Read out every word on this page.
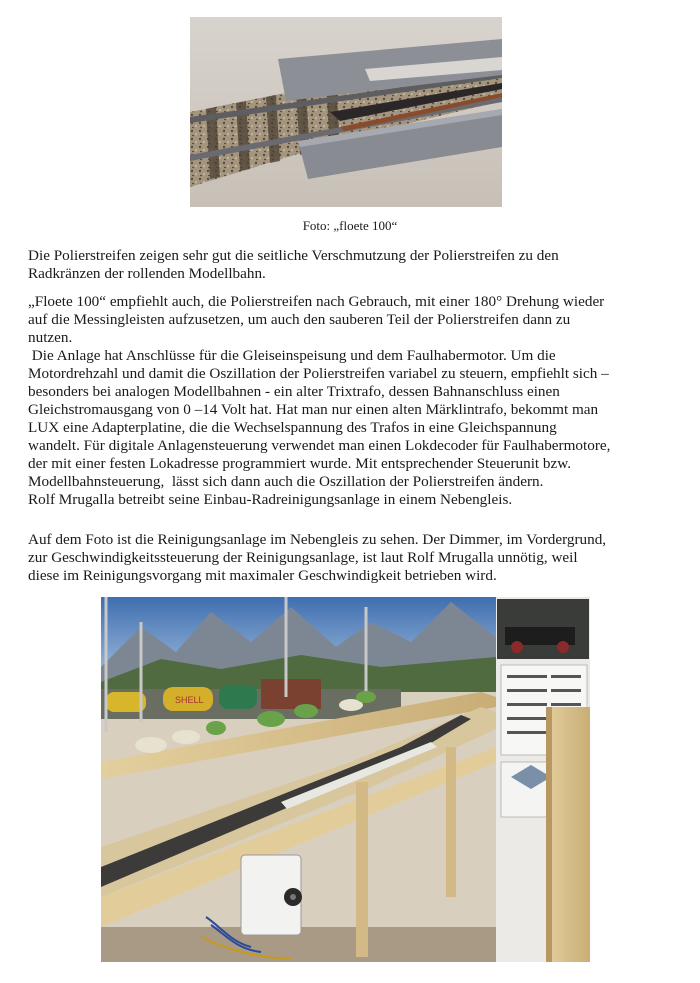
Foto: „floete 100“

Die Polierstreifen zeigen sehr gut die seitliche Verschmutzung der Polierstreifen zu den
Radkränzen der rollenden Modellbahn.

„Floete 100“ empfiehlt auch, die Polierstreifen nach Gebrauch, mit einer 180° Drehung wieder
auf die Messingleisten aufzusetzen, um auch den sauberen Teil der Polierstreifen dann zu
nutzen.
Die Anlage hat Anschlüsse für die Gleiseinspeisung und dem Faulhabermotor. Um die
Motordrehzahl und damit die Oszillation der Polierstreifen variabel zu steuern, empfiehlt sich –
besonders bei analogen Modellbahnen - ein alter Trixtrafo, dessen Bahnanschluss einen
Gleichstromausgang von 0 –14 Volt hat. Hat man nur einen alten Märklintrafo, bekommt man
LUX eine Adapterplatine, die die Wechselspannung des Trafos in eine Gleichspannung
wandelt. Für digitale Anlagensteuerung verwendet man einen Lokdecoder für Faulhabermotore,
der mit einer festen Lokadresse programmiert wurde. Mit entsprechender Steuerunit bzw.
Modellbahnsteuerung,  lässt sich dann auch die Oszillation der Polierstreifen ändern.
Rolf Mrugalla betreibt seine Einbau-Radreinigungsanlage in einem Nebengleis.

Auf dem Foto ist die Reinigungsanlage im Nebengleis zu sehen. Der Dimmer, im Vordergrund,
zur Geschwindigkeitssteuerung der Reinigungsanlage, ist laut Rolf Mrugalla unnötig, weil
diese im Reinigungsvorgang mit maximaler Geschwindigkeit betrieben wird.

SHELL
